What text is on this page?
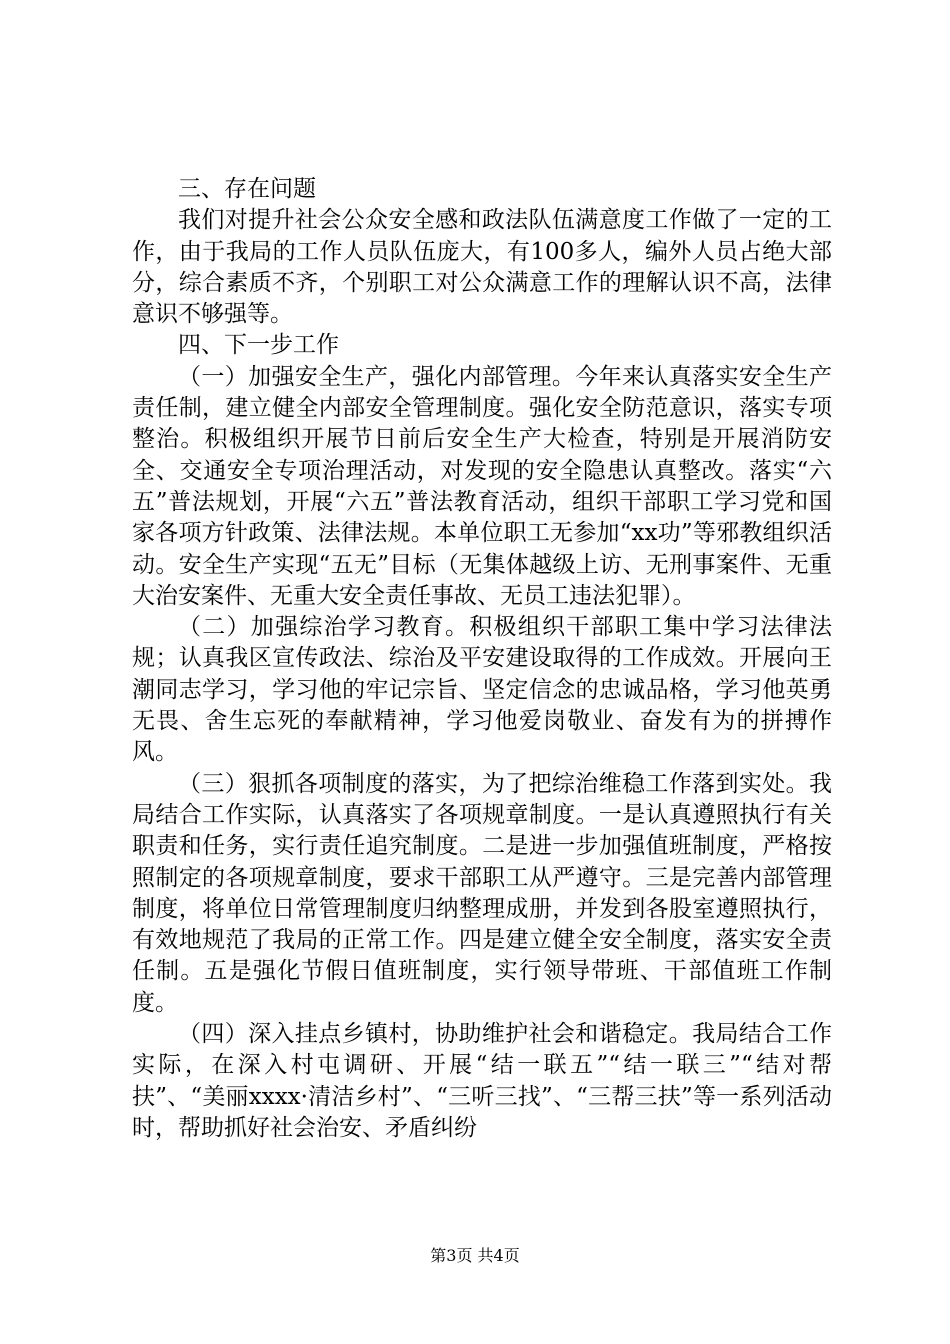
三、存在问题

我们对提升社会公众安全感和政法队伍满意度工作做了一定的工作，由于我局的工作人员队伍庞大，有100多人，编外人员占绝大部分，综合素质不齐，个别职工对公众满意工作的理解认识不高，法律意识不够强等。

四、下一步工作

（一）加强安全生产，强化内部管理。今年来认真落实安全生产责任制，建立健全内部安全管理制度。强化安全防范意识，落实专项整治。积极组织开展节日前后安全生产大检查，特别是开展消防安全、交通安全专项治理活动，对发现的安全隐患认真整改。落实“六五”普法规划，开展“六五”普法教育活动，组织干部职工学习党和国家各项方针政策、法律法规。本单位职工无参加“xx功”等邪教组织活动。安全生产实现“五无”目标（无集体越级上访、无刑事案件、无重大治安案件、无重大安全责任事故、无员工违法犯罪）。

（二）加强综治学习教育。积极组织干部职工集中学习法律法规；认真我区宣传政法、综治及平安建设取得的工作成效。开展向王潮同志学习，学习他的牢记宗旨、坚定信念的忠诚品格，学习他英勇无畏、舍生忘死的奉献精神，学习他爱岗敬业、奋发有为的拼搏作风。

（三）狠抓各项制度的落实，为了把综治维稳工作落到实处。我局结合工作实际，认真落实了各项规章制度。一是认真遵照执行有关职责和任务，实行责任追究制度。二是进一步加强值班制度，严格按照制定的各项规章制度，要求干部职工从严遵守。三是完善内部管理制度，将单位日常管理制度归纳整理成册，并发到各股室遵照执行，有效地规范了我局的正常工作。四是建立健全安全制度，落实安全责任制。五是强化节假日值班制度，实行领导带班、干部值班工作制度。

（四）深入挂点乡镇村，协助维护社会和谐稳定。我局结合工作实际，在深入村屯调研、开展“结一联五”“结一联三”“结对帮扶”、“美丽xxxx·清洁乡村”、“三听三找”、“三帮三扶”等一系列活动时，帮助抓好社会治安、矛盾纠纷

第3页 共4页
